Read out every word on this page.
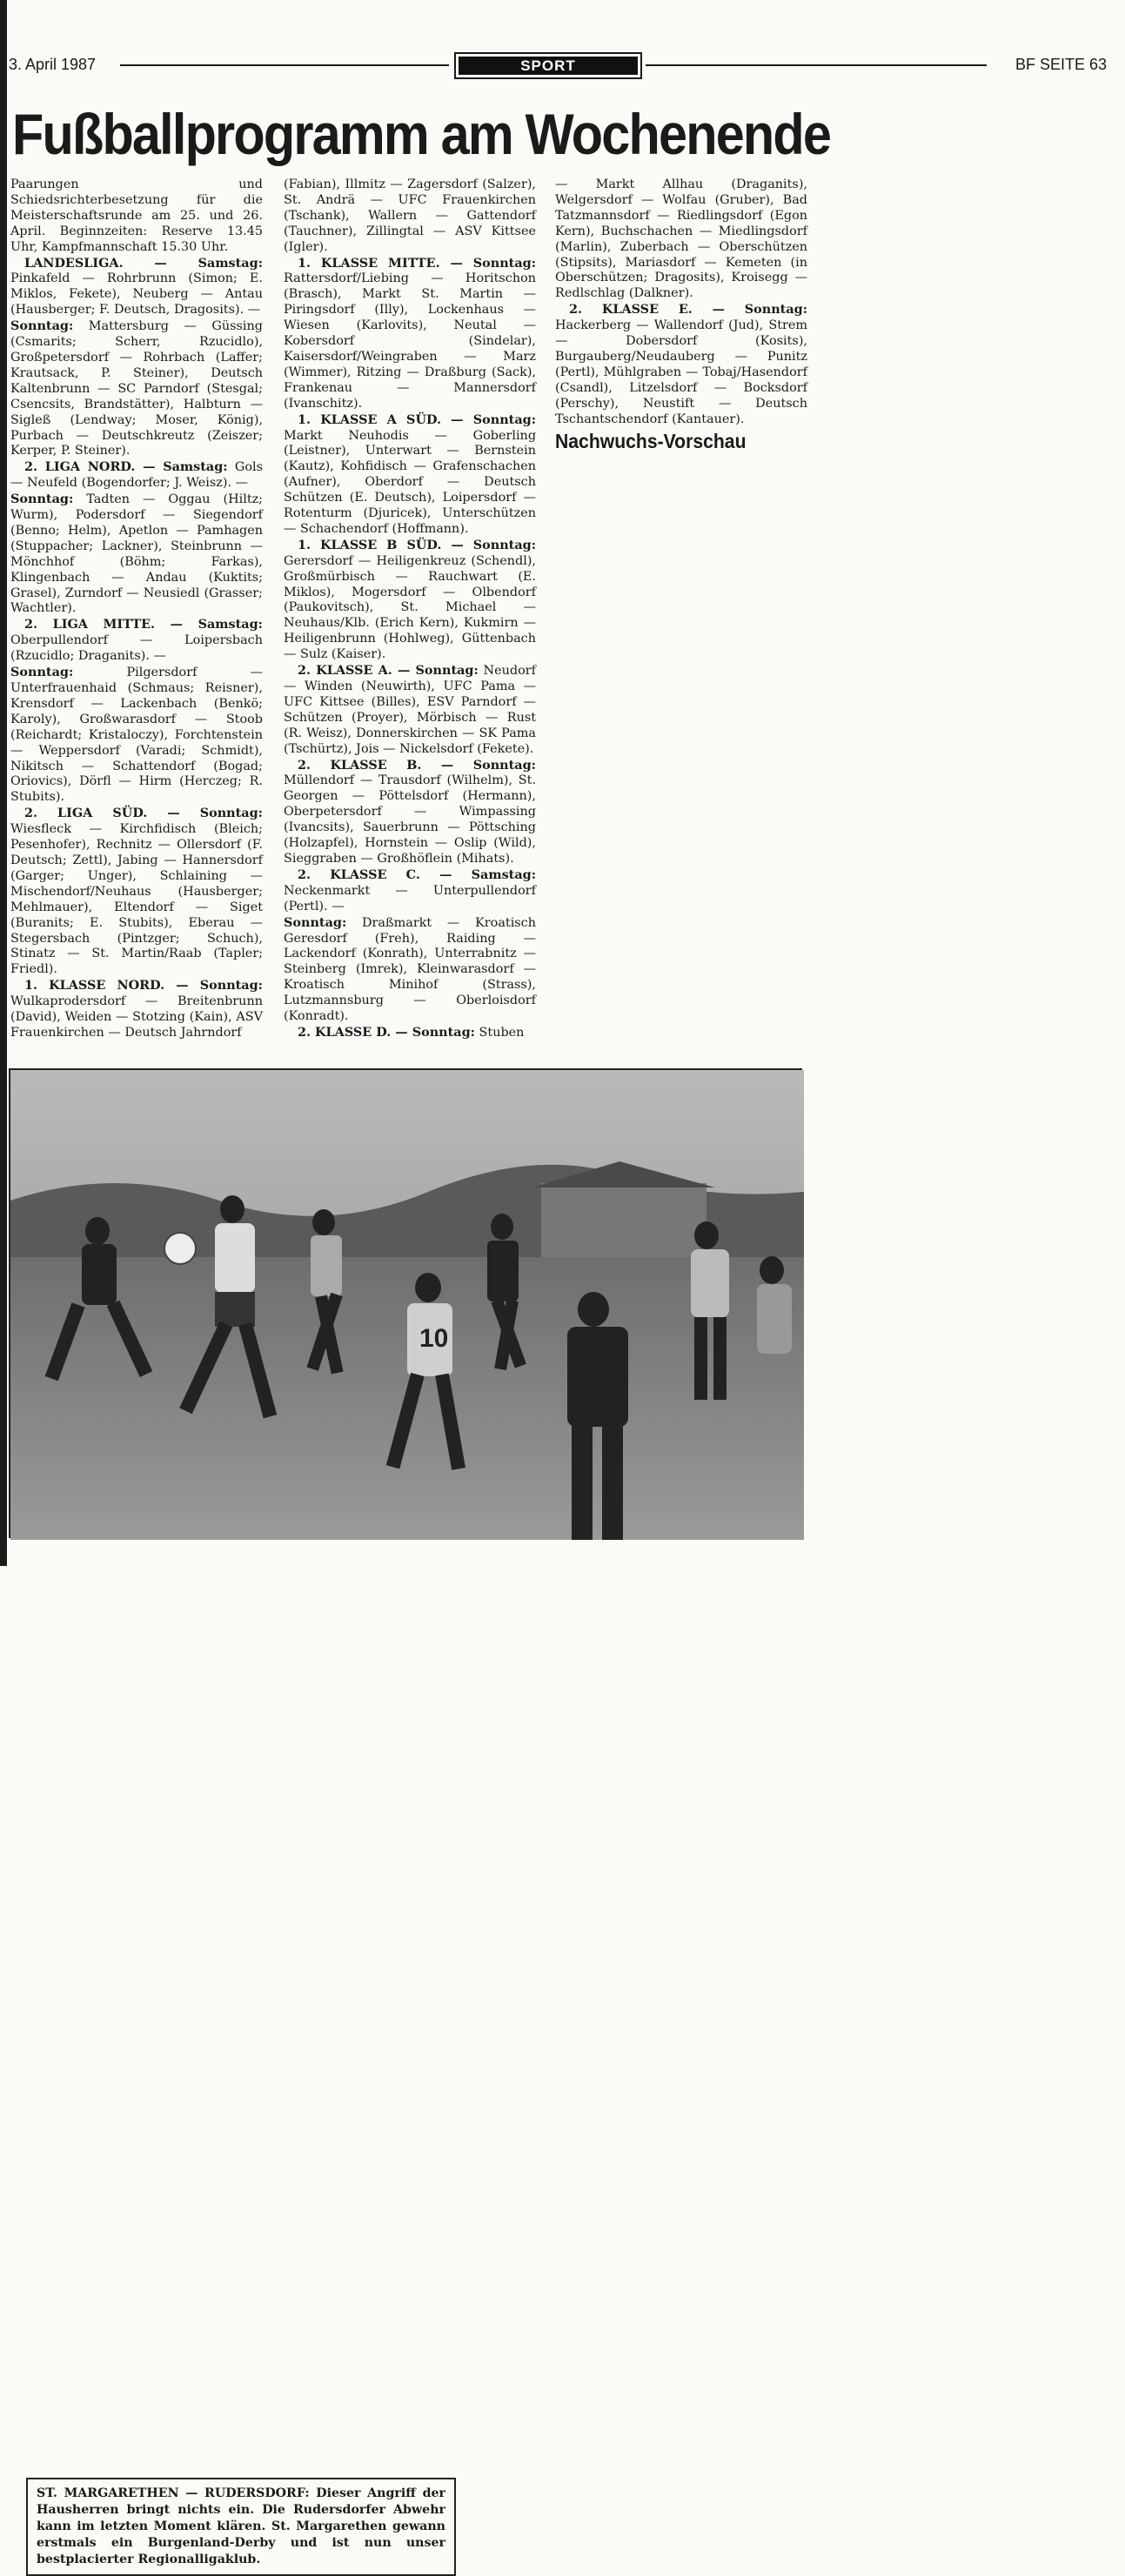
3. April 1987	SPORT	BF SEITE 63
Fußballprogramm am Wochenende

Paarungen	und Schiedsrichterbesetzung für die Meisterschaftsrunde am 25. und 26. April. Beginnzeiten: Reserve 13.45 Uhr, Kampfmannschaft 15.30 Uhr.

LANDESLIGA. — Samstag: Pinkafeld — Rohrbrunn (Simon; E. Miklos, Fekete), Neuberg — Antau (Hausberger; F. Deutsch, Dragosits). —

Sonntag: Mattersburg — Güssing (Csmarits;	Scherr,	Rzucidlo), Großpetersdorf — Rohrbach (Laffer; Krautsack, P. Steiner), Deutsch Kaltenbrunn — SC Parndorf (Stesgal; Csencsits, Brandstätter), Halbturn — Sigleß (Lendway; Moser, König), Purbach — Deutschkreutz (Zeiszer; Kerper, P. Steiner).

2. LIGA NORD. — Samstag: Gols — Neufeld (Bogendorfer; J. Weisz). —

Sonntag: Tadten — Oggau (Hiltz; Wurm), Podersdorf — Siegendorf (Benno; Helm), Apetlon — Pamhagen (Stuppacher; Lackner), Steinbrunn — Mönchhof	(Böhm;	Farkas), Klingenbach — Andau (Kuktits; Grasel), Zurndorf — Neusiedl (Grasser; Wachtler).

2. LIGA MITTE. — Samstag: Oberpullendorf	—	Loipersbach (Rzucidlo; Draganits). —

Sonntag:	Pilgersdorf	— Unterfrauenhaid (Schmaus; Reisner), Krensdorf — Lackenbach (Benkö; Karoly), Großwarasdorf — Stoob (Reichardt; Kristaloczy), Forchtenstein — Weppersdorf (Varadi; Schmidt), Nikitsch — Schattendorf (Bogad; Oriovics), Dörfl — Hirm (Herczeg; R. Stubits).

2. LIGA SÜD. — Sonntag: Wiesfleck — Kirchfidisch (Bleich; Pesenhofer), Rechnitz — Ollersdorf (F. Deutsch; Zettl), Jabing — Hannersdorf (Garger; Unger), Schlaining — Mischendorf/Neuhaus (Hausberger; Mehlmauer), Eltendorf — Siget (Buranits; E. Stubits), Eberau — Stegersbach (Pintzger; Schuch), Stinatz — St. Martin/Raab (Tapler; Friedl).

1. KLASSE NORD. — Sonntag: Wulkaprodersdorf — Breitenbrunn (David), Weiden — Stotzing (Kain), ASV Frauenkirchen — Deutsch Jahrndorf

(Fabian), Illmitz — Zagersdorf (Salzer), St. Andrä — UFC Frauenkirchen (Tschank), Wallern — Gattendorf (Tauchner), Zillingtal — ASV Kittsee (Igler).

1. KLASSE MITTE. — Sonntag: Rattersdorf/Liebing — Horitschon (Brasch), Markt St. Martin — Piringsdorf (Illy), Lockenhaus — Wiesen (Karlovits), Neutal — Kobersdorf	(Sindelar), Kaisersdorf/Weingraben — Marz (Wimmer), Ritzing — Draßburg (Sack), Frankenau	—	Mannersdorf (Ivanschitz).

1. KLASSE A SÜD. — Sonntag: Markt Neuhodis — Goberling (Leistner), Unterwart — Bernstein (Kautz), Kohfidisch — Grafenschachen (Aufner), Oberdorf — Deutsch Schützen (E. Deutsch), Loipersdorf — Rotenturm (Djuricek), Unterschützen — Schachendorf (Hoffmann).

1. KLASSE B SÜD. — Sonntag: Gerersdorf — Heiligenkreuz (Schendl), Großmürbisch — Rauchwart (E. Miklos), Mogersdorf — Olbendorf (Paukovitsch), St. Michael — Neuhaus/Klb. (Erich Kern), Kukmirn — Heiligenbrunn (Hohlweg), Güttenbach — Sulz (Kaiser).

2. KLASSE A. — Sonntag: Neudorf — Winden (Neuwirth), UFC Pama — UFC Kittsee (Billes), ESV Parndorf — Schützen (Proyer), Mörbisch — Rust (R. Weisz), Donnerskirchen — SK Pama (Tschürtz), Jois — Nickelsdorf (Fekete).

2. KLASSE B. — Sonntag: Müllendorf — Trausdorf (Wilhelm), St. Georgen — Pöttelsdorf (Hermann), Oberpetersdorf	—	Wimpassing (Ivancsits), Sauerbrunn — Pöttsching (Holzapfel), Hornstein — Oslip (Wild), Sieggraben — Großhöflein (Mihats).

2. KLASSE C. — Samstag: Neckenmarkt — Unterpullendorf (Pertl). —

Sonntag: Draßmarkt — Kroatisch Geresdorf (Freh), Raiding — Lackendorf (Konrath), Unterrabnitz — Steinberg (Imrek), Kleinwarasdorf — Kroatisch	Minihof	(Strass), Lutzmannsburg — Oberloisdorf (Konradt).

2. KLASSE D. — Sonntag: Stuben

— Markt Allhau (Draganits), Welgersdorf — Wolfau (Gruber), Bad Tatzmannsdorf — Riedlingsdorf (Egon Kern), Buchschachen — Miedlingsdorf (Marlin), Zuberbach — Oberschützen (Stipsits), Mariasdorf — Kemeten (in Oberschützen; Dragosits), Kroisegg — Redlschlag (Dalkner).

2. KLASSE E. — Sonntag: Hackerberg — Wallendorf (Jud), Strem —	Dobersdorf	(Kosits), Burgauberg/Neudauberg — Punitz (Pertl), Mühlgraben — Tobaj/Hasendorf (Csandl), Litzelsdorf — Bocksdorf (Perschy), Neustift — Deutsch Tschantschendorf (Kantauer).

Nachwuchs-Vorschau

10
ST. MARGARETHEN — RUDERSDORF: Dieser Angriff der Hausherren bringt nichts ein. Die Rudersdorfer Abwehr kann im letzten Moment klären. St. Margarethen gewann erstmals ein Burgenland-Derby und ist nun unser bestplacierter Regionalligaklub.
